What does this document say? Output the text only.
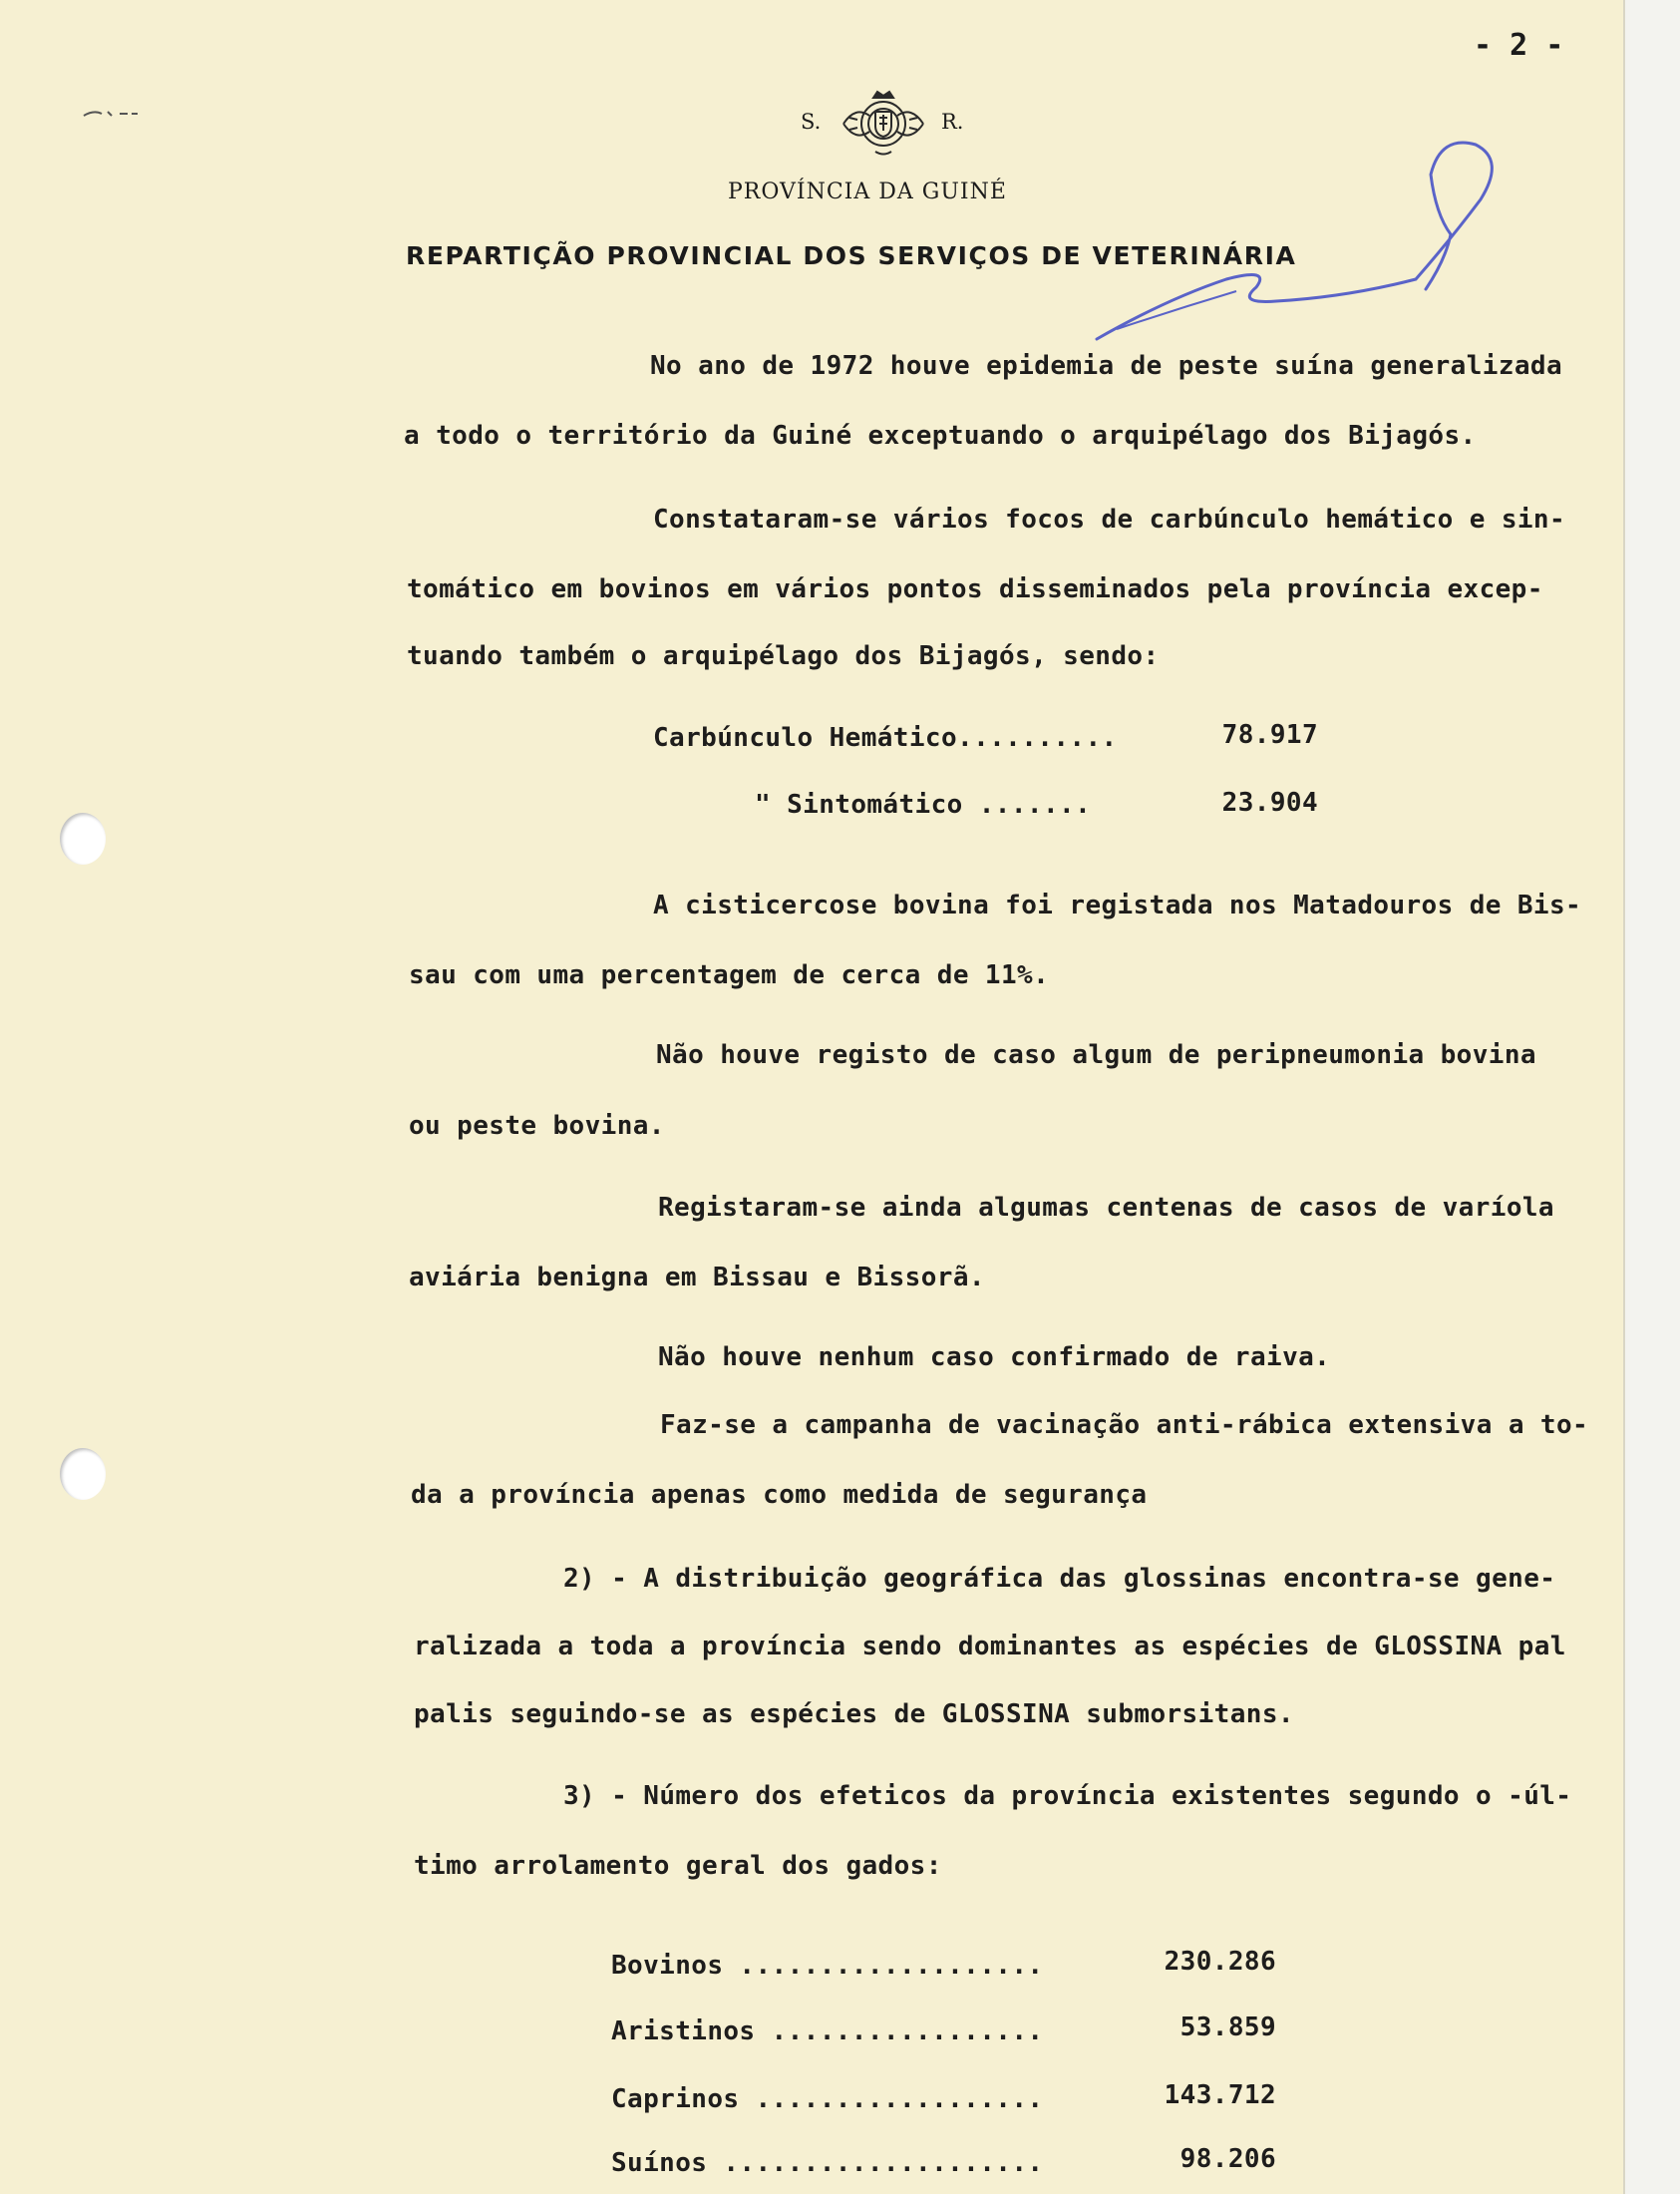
- 2 -
S.	R.
PROVÍNCIA DA GUINÉ
REPARTIÇÃO PROVINCIAL DOS SERVIÇOS DE VETERINÁRIA
No ano de 1972 houve epidemia de peste suína generalizada
a todo o território da Guiné exceptuando o arquipélago dos Bijagós.
Constataram-se vários focos de carbúnculo hemático e sin-
tomático em bovinos em vários pontos disseminados pela província excep-
tuando também o arquipélago dos Bijagós, sendo:
Carbúnculo Hemático..........	78.917
" Sintomático .......	23.904
A cisticercose bovina foi registada nos Matadouros de Bis-
sau com uma percentagem de cerca de 11%.
Não houve registo de caso algum de peripneumonia bovina
ou peste bovina.
Registaram-se ainda algumas centenas de casos de varíola
aviária benigna em Bissau e Bissorã.
Não houve nenhum caso confirmado de raiva.
Faz-se a campanha de vacinação anti-rábica extensiva a to-
da a província apenas como medida de segurança
2) - A distribuição geográfica das glossinas encontra-se gene-
ralizada a toda a província sendo dominantes as espécies de GLOSSINA pal
palis seguindo-se as espécies de GLOSSINA submorsitans.
3) - Número dos efeticos da província existentes segundo o -úl-
timo arrolamento geral dos gados:
Bovinos ...................	230.286
Aristinos .................	53.859
Caprinos ..................	143.712
Suínos ....................	98.206
